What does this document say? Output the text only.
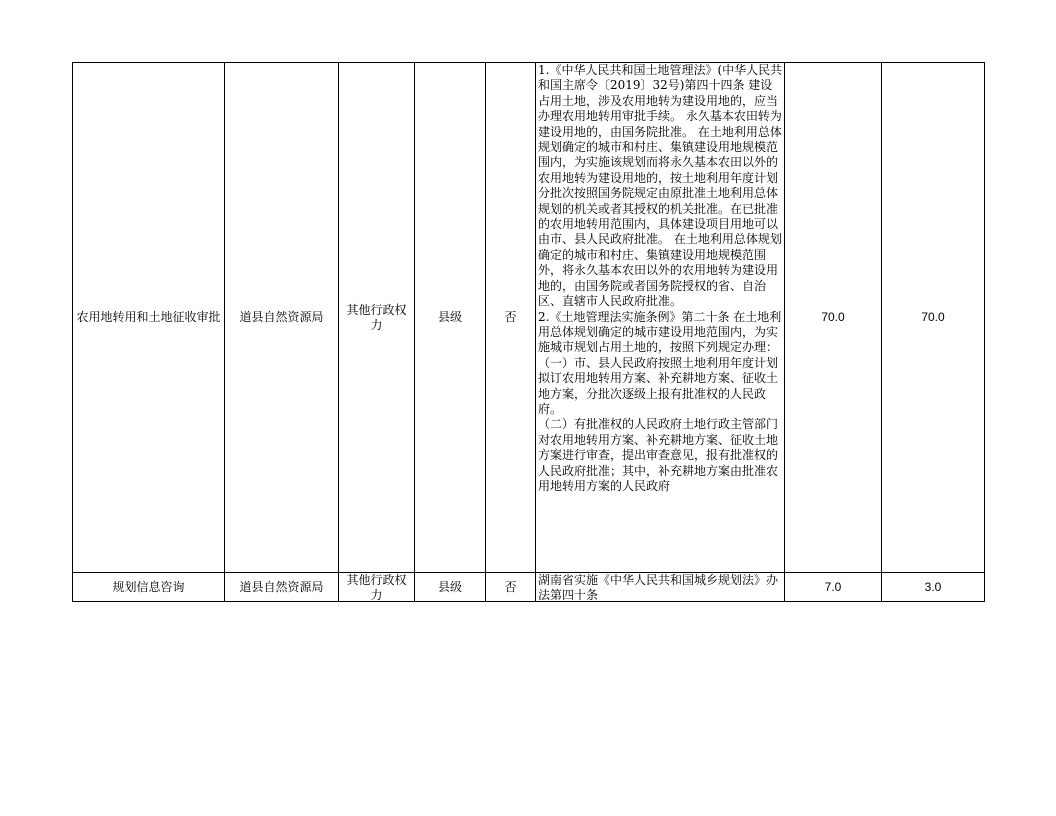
农用地转用和土地征收审批	道县自然资源局	其他行政权力	县级	否	1.《中华人民共和国土地管理法》(中华人民共和国主席令〔2019〕32号)第四十四条 建设占用土地，涉及农用地转为建设用地的，应当办理农用地转用审批手续。 永久基本农田转为建设用地的，由国务院批准。 在土地利用总体规划确定的城市和村庄、集镇建设用地规模范围内，为实施该规划而将永久基本农田以外的农用地转为建设用地的，按土地利用年度计划分批次按照国务院规定由原批准土地利用总体规划的机关或者其授权的机关批准。在已批准的农用地转用范围内，具体建设项目用地可以由市、县人民政府批准。 在土地利用总体规划确定的城市和村庄、集镇建设用地规模范围外，将永久基本农田以外的农用地转为建设用地的，由国务院或者国务院授权的省、自治区、直辖市人民政府批准。
2.《土地管理法实施条例》第二十条 在土地利用总体规划确定的城市建设用地范围内，为实施城市规划占用土地的，按照下列规定办理：
（一）市、县人民政府按照土地利用年度计划拟订农用地转用方案、补充耕地方案、征收土地方案，分批次逐级上报有批准权的人民政府。
（二）有批准权的人民政府土地行政主管部门对农用地转用方案、补充耕地方案、征收土地方案进行审查，提出审查意见，报有批准权的人民政府批准；其中，补充耕地方案由批准农用地转用方案的人民政府	70.0	70.0

规划信息咨询	道县自然资源局	其他行政权力	县级	否	湖南省实施《中华人民共和国城乡规划法》办法第四十条	7.0	3.0
